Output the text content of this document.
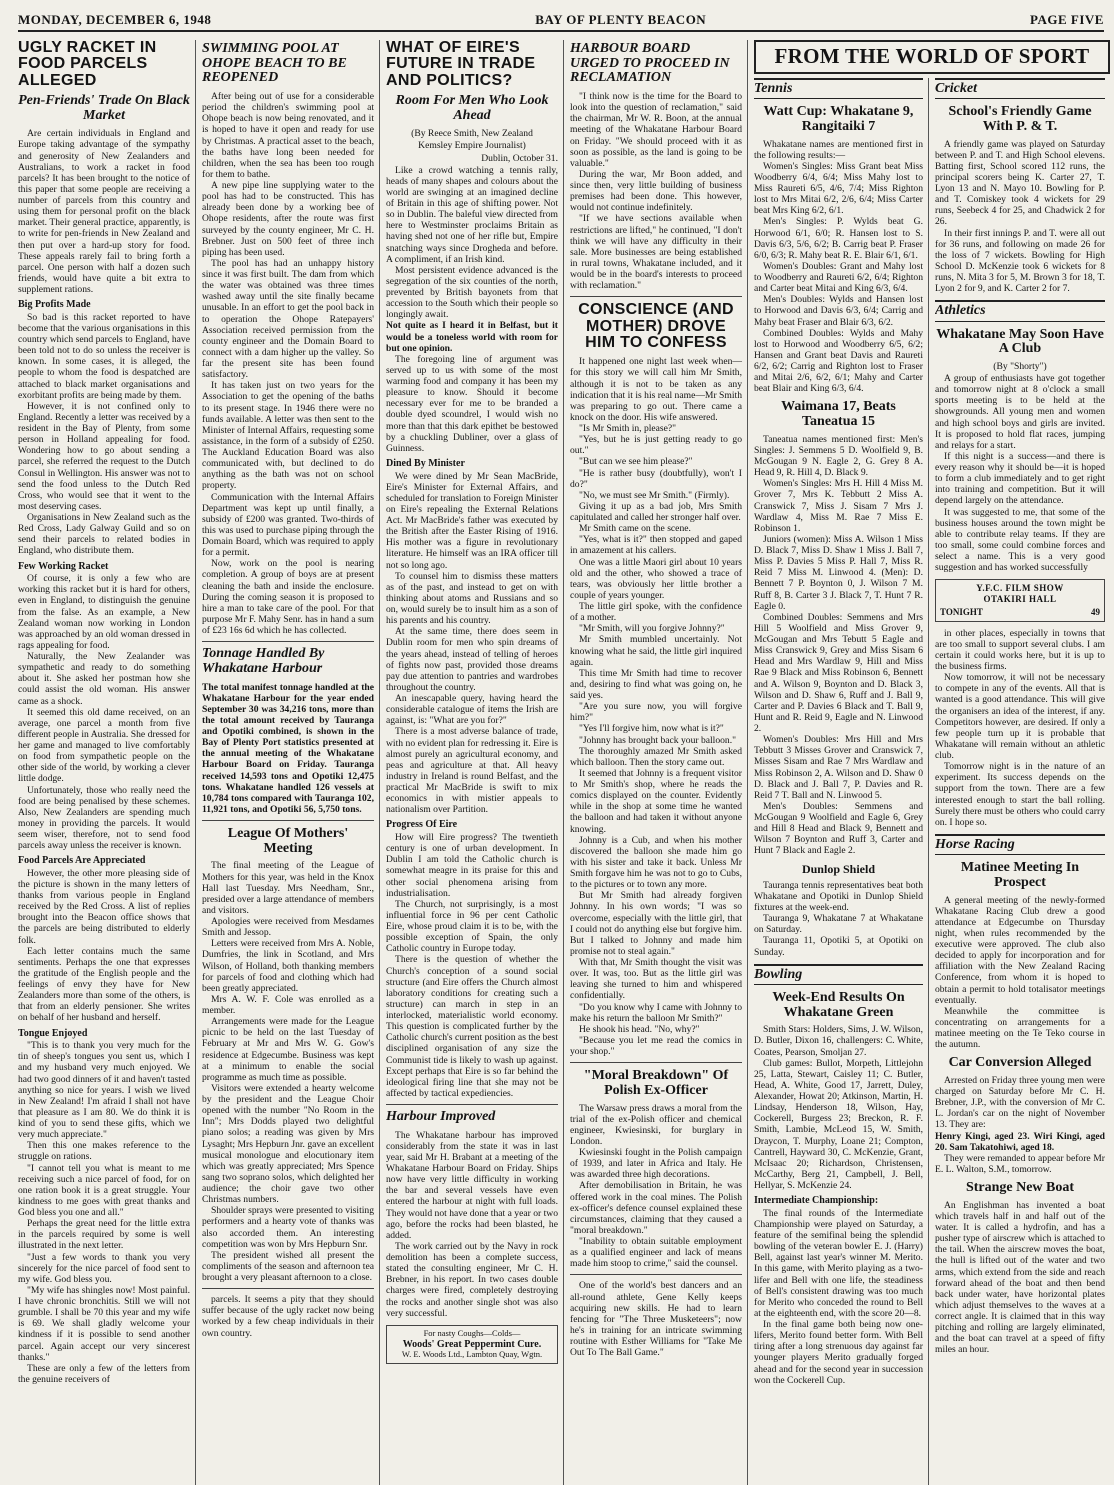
MONDAY, DECEMBER 6, 1948	BAY OF PLENTY BEACON	PAGE FIVE
UGLY RACKET IN FOOD PARCELS ALLEGED
Pen-Friends' Trade On Black Market

Are certain individuals in England and Europe taking advantage of the sympathy and generosity of New Zealanders and Australians, to work a racket in food parcels? It has been brought to the notice of this paper that some people are receiving a number of parcels from this country and using them for personal profit on the black market. Their general practice, apparently, is to write for pen-friends in New Zealand and then put over a hard-up story for food. These appeals rarely fail to bring forth a parcel. One person with half a dozen such friends, would have quite a bit extra to supplement rations.

Big Profits Made

So bad is this racket reported to have become that the various organisations in this country which send parcels to England, have been told not to do so unless the receiver is known. In some cases, it is alleged, the people to whom the food is despatched are attached to black market organisations and exorbitant profits are being made by them.

However, it is not confined only to England. Recently a letter was received by a resident in the Bay of Plenty, from some person in Holland appealing for food. Wondering how to go about sending a parcel, she referred the request to the Dutch Consul in Wellington. His answer was not to send the food unless to the Dutch Red Cross, who would see that it went to the most deserving cases.

Organisations in New Zealand such as the Red Cross, Lady Galway Guild and so on send their parcels to related bodies in England, who distribute them.

Few Working Racket

Of course, it is only a few who are working this racket but it is hard for others, even in England, to distinguish the genuine from the false. As an example, a New Zealand woman now working in London was approached by an old woman dressed in rags appealing for food.

Naturally, the New Zealander was sympathetic and ready to do something about it. She asked her postman how she could assist the old woman. His answer came as a shock.

It seemed this old dame received, on an average, one parcel a month from five different people in Australia. She dressed for her game and managed to live comfortably on food from sympathetic people on the other side of the world, by working a clever little dodge.

Unfortunately, those who really need the food are being penalised by these schemes. Also, New Zealanders are spending much money in providing the parcels. It would seem wiser, therefore, not to send food parcels away unless the receiver is known.

Food Parcels Are Appreciated

However, the other more pleasing side of the picture is shown in the many letters of thanks from various people in England received by the Red Cross. A list of replies brought into the Beacon office shows that the parcels are being distributed to elderly folk.

Each letter contains much the same sentiments. Perhaps the one that expresses the gratitude of the English people and the feelings of envy they have for New Zealanders more than some of the others, is that from an elderly pensioner. She writes on behalf of her husband and herself.

Tongue Enjoyed

"This is to thank you very much for the tin of sheep's tongues you sent us, which I and my husband very much enjoyed. We had two good dinners of it and haven't tasted anything so nice for years. I wish we lived in New Zealand! I'm afraid I shall not have that pleasure as I am 80. We do think it is kind of you to send these gifts, which we very much appreciate."

Then this one makes reference to the struggle on rations.

"I cannot tell you what is meant to me receiving such a nice parcel of food, for on one ration book it is a great struggle. Your kindness to me goes with great thanks and God bless you one and all."

Perhaps the great need for the little extra in the parcels required by some is well illustrated in the next letter.

"Just a few words to thank you very sincerely for the nice parcel of food sent to my wife. God bless you.

"My wife has shingles now! Most painful. I have chronic bronchitis. Still we will not grumble. I shall be 70 this year and my wife is 69. We shall gladly welcome your kindness if it is possible to send another parcel. Again accept our very sincerest thanks."

These are only a few of the letters from the genuine receivers of

SWIMMING POOL AT OHOPE BEACH TO BE REOPENED

After being out of use for a considerable period the children's swimming pool at Ohope beach is now being renovated, and it is hoped to have it open and ready for use by Christmas. A practical asset to the beach, the baths have long been needed for children, when the sea has been too rough for them to bathe.

A new pipe line supplying water to the pool has had to be constructed. This has already been done by a working bee of Ohope residents, after the route was first surveyed by the county engineer, Mr C. H. Brebner. Just on 500 feet of three inch piping has been used.

The pool has had an unhappy history since it was first built. The dam from which the water was obtained was three times washed away until the site finally became unusable. In an effort to get the pool back in to operation the Ohope Ratepayers' Association received permission from the county engineer and the Domain Board to connect with a dam higher up the valley. So far the present site has been found satisfactory.

It has taken just on two years for the Association to get the opening of the baths to its present stage. In 1946 there were no funds available. A letter was then sent to the Minister of Internal Affairs, requesting some assistance, in the form of a subsidy of £250. The Auckland Education Board was also communicated with, but declined to do anything as the bath was not on school property.

Communication with the Internal Affairs Department was kept up until finally, a subsidy of £200 was granted. Two-thirds of this was used to purchase piping through the Domain Board, which was required to apply for a permit.

Now, work on the pool is nearing completion. A group of boys are at present cleaning the bath and inside the enclosure. During the coming season it is proposed to hire a man to take care of the pool. For that purpose Mr F. Mahy Senr. has in hand a sum of £23 16s 6d which he has collected.

Tonnage Handled By Whakatane Harbour

The total manifest tonnage handled at the Whakatane Harbour for the year ended September 30 was 34,216 tons, more than the total amount received by Tauranga and Opotiki combined, is shown in the Bay of Plenty Port statistics presented at the annual meeting of the Whakatane Harbour Board on Friday. Tauranga received 14,593 tons and Opotiki 12,475 tons. Whakatane handled 126 vessels at 10,784 tons compared with Tauranga 102, 11,921 tons, and Opotiki 56, 5,750 tons.

League Of Mothers' Meeting

The final meeting of the League of Mothers for this year, was held in the Knox Hall last Tuesday. Mrs Needham, Snr., presided over a large attendance of members and visitors.

Apologies were received from Mesdames Smith and Jessop.

Letters were received from Mrs A. Noble, Dumfries, the link in Scotland, and Mrs Wilson, of Holland, both thanking members for parcels of food and clothing which had been greatly appreciated.

Mrs A. W. F. Cole was enrolled as a member.

Arrangements were made for the League picnic to be held on the last Tuesday of February at Mr and Mrs W. G. Gow's residence at Edgecumbe. Business was kept at a minimum to enable the social programme as much time as possible.

Visitors were extended a hearty welcome by the president and the League Choir opened with the number "No Room in the Inn"; Mrs Dodds played two delightful piano solos; a reading was given by Mrs Lysaght; Mrs Hepburn Jnr. gave an excellent musical monologue and elocutionary item which was greatly appreciated; Mrs Spence sang two soprano solos, which delighted her audience; the choir gave two other Christmas numbers.

Shoulder sprays were presented to visiting performers and a hearty vote of thanks was also accorded them. An interesting competition was won by Mrs Hepburn Snr.

The president wished all present the compliments of the season and afternoon tea brought a very pleasant afternoon to a close.

parcels. It seems a pity that they should suffer because of the ugly racket now being worked by a few cheap individuals in their own country.

WHAT OF EIRE'S FUTURE IN TRADE AND POLITICS?
Room For Men Who Look Ahead
(By Reece Smith, New Zealand
Kemsley Empire Journalist)
Dublin, October 31.

Like a crowd watching a tennis rally, heads of many shapes and colours about the world are swinging at an imagined decline of Britain in this age of shifting power. Not so in Dublin. The baleful view directed from here to Westminster proclaims Britain as having shed not one of her rifle but, Empire snatching ways since Drogheda and before. A compliment, if an Irish kind.

Most persistent evidence advanced is the segregation of the six counties of the north, prevented by British bayonets from that accession to the South which their people so longingly await.

Not quite as I heard it in Belfast, but it would be a toneless world with room for but one opinion.

The foregoing line of argument was served up to us with some of the most warming food and company it has been my pleasure to know. Should it become necessary ever for me to be branded a double dyed scoundrel, I would wish no more than that this dark epithet be bestowed by a chuckling Dubliner, over a glass of Guinness.

Dined By Minister

We were dined by Mr Sean MacBride, Eire's Minister for External Affairs, and scheduled for translation to Foreign Minister on Eire's repealing the External Relations Act. Mr MacBride's father was executed by the British after the Easter Rising of 1916. His mother was a figure in revolutionary literature. He himself was an IRA officer till not so long ago.

To counsel him to dismiss these matters as of the past, and instead to get on with thinking about atoms and Russians and so on, would surely be to insult him as a son of his parents and his country.

At the same time, there does seem in Dublin room for men who spin dreams of the years ahead, instead of telling of heroes of fights now past, provided those dreams pay due attention to pantries and wardrobes throughout the country.

An inescapable query, having heard the considerable catalogue of items the Irish are against, is: "What are you for?"

There is a most adverse balance of trade, with no evident plan for redressing it. Eire is almost purely an agricultural economy, and peas and agriculture at that. All heavy industry in Ireland is round Belfast, and the practical Mr MacBride is swift to mix economics in with mistier appeals to nationalism over Partition.

Progress Of Eire

How will Eire progress? The twentieth century is one of urban development. In Dublin I am told the Catholic church is somewhat meagre in its praise for this and other social phenomena arising from industrialisation.

The Church, not surprisingly, is a most influential force in 96 per cent Catholic Eire, whose proud claim it is to be, with the possible exception of Spain, the only Catholic country in Europe today.

There is the question of whether the Church's conception of a sound social structure (and Eire offers the Church almost laboratory conditions for creating such a structure) can march in step in an interlocked, materialistic world economy. This question is complicated further by the Catholic church's current position as the best disciplined organisation of any size the Communist tide is likely to wash up against. Except perhaps that Eire is so far behind the ideological firing line that she may not be affected by tactical expediencies.

Harbour Improved

The Whakatane harbour has improved considerably from the state it was in last year, said Mr H. Brabant at a meeting of the Whakatane Harbour Board on Friday. Ships now have very little difficulty in working the bar and several vessels have even entered the harbour at night with full loads. They would not have done that a year or two ago, before the rocks had been blasted, he added.

The work carried out by the Navy in rock demolition has been a complete success, stated the consulting engineer, Mr C. H. Brebner, in his report. In two cases double charges were fired, completely destroying the rocks and another single shot was also very successful.

For nasty Coughs—Colds—
Woods' Great Peppermint Cure.
W. E. Woods Ltd., Lambton Quay, Wgtn.
HARBOUR BOARD URGED TO PROCEED IN RECLAMATION

"I think now is the time for the Board to look into the question of reclamation," said the chairman, Mr W. R. Boon, at the annual meeting of the Whakatane Harbour Board on Friday. "We should proceed with it as soon as possible, as the land is going to be valuable."

During the war, Mr Boon added, and since then, very little building of business premises had been done. This however, would not continue indefinitely.

"If we have sections available when restrictions are lifted," he continued, "I don't think we will have any difficulty in their sale. More businesses are being established in rural towns, Whakatane included, and it would be in the board's interests to proceed with reclamation."

CONSCIENCE (AND MOTHER) DROVE HIM TO CONFESS

It happened one night last week when—for this story we will call him Mr Smith, although it is not to be taken as any indication that it is his real name—Mr Smith was preparing to go out. There came a knock on the door. His wife answered.

"Is Mr Smith in, please?"

"Yes, but he is just getting ready to go out."

"But can we see him please?"

"He is rather busy (doubtfully), won't I do?"

"No, we must see Mr Smith." (Firmly).

Giving it up as a bad job, Mrs Smith capitulated and called her stronger half over.

Mr Smith came on the scene.

"Yes, what is it?" then stopped and gaped in amazement at his callers.

One was a little Maori girl about 10 years old and the other, who showed a trace of tears, was obviously her little brother a couple of years younger.

The little girl spoke, with the confidence of a mother.

"Mr Smith, will you forgive Johnny?"

Mr Smith mumbled uncertainly. Not knowing what he said, the little girl inquired again.

This time Mr Smith had time to recover and, desiring to find what was going on, he said yes.

"Are you sure now, you will forgive him?"

"Yes I'll forgive him, now what is it?"

"Johnny has brought back your balloon."

The thoroughly amazed Mr Smith asked which balloon. Then the story came out.

It seemed that Johnny is a frequent visitor to Mr Smith's shop, where he reads the comics displayed on the counter. Evidently while in the shop at some time he wanted the balloon and had taken it without anyone knowing.

Johnny is a Cub, and when his mother discovered the balloon she made him go with his sister and take it back. Unless Mr Smith forgave him he was not to go to Cubs, to the pictures or to town any more.

But Mr Smith had already forgiven Johnny. In his own words; "I was so overcome, especially with the little girl, that I could not do anything else but forgive him. But I talked to Johnny and made him promise not to steal again."

With that, Mr Smith thought the visit was over. It was, too. But as the little girl was leaving she turned to him and whispered confidentially.

"Do you know why I came with Johnny to make his return the balloon Mr Smith?"

He shook his head. "No, why?"

"Because you let me read the comics in your shop."

"Moral Breakdown" Of Polish Ex-Officer

The Warsaw press draws a moral from the trial of the ex-Polish officer and chemical engineer, Kwiesinski, for burglary in London.

Kwiesinski fought in the Polish campaign of 1939, and later in Africa and Italy. He was awarded three high decorations.

After demobilisation in Britain, he was offered work in the coal mines. The Polish ex-officer's defence counsel explained these circumstances, claiming that they caused a "moral breakdown."

"Inability to obtain suitable employment as a qualified engineer and lack of means made him stoop to crime," said the counsel.

One of the world's best dancers and an all-round athlete, Gene Kelly keeps acquiring new skills. He had to learn fencing for "The Three Musketeers"; now he's in training for an intricate swimming routine with Esther Williams for "Take Me Out To The Ball Game."

FROM THE WORLD OF SPORT
Tennis
Watt Cup: Whakatane 9, Rangitaiki 7

Whakatane names are mentioned first in the following results:—

Women's Singles: Miss Grant beat Miss Woodberry 6/4, 6/4; Miss Mahy lost to Miss Raureti 6/5, 4/6, 7/4; Miss Righton lost to Mrs Mitai 6/2, 2/6, 6/4; Miss Carter beat Mrs King 6/2, 6/1.

Men's Singles: P. Wylds beat G. Horwood 6/1, 6/0; R. Hansen lost to S. Davis 6/3, 5/6, 6/2; B. Carrig beat P. Fraser 6/0, 6/3; R. Mahy beat R. E. Blair 6/1, 6/1.

Women's Doubles: Grant and Mahy lost to Woodberry and Raureti 6/2, 6/4; Righton and Carter beat Mitai and King 6/3, 6/4.

Men's Doubles: Wylds and Hansen lost to Horwood and Davis 6/3, 6/4; Carrig and Mahy beat Fraser and Blair 6/3, 6/2.

Combined Doubles: Wylds and Mahy lost to Horwood and Woodberry 6/5, 6/2; Hansen and Grant beat Davis and Raureti 6/2, 6/2; Carrig and Righton lost to Fraser and Mitai 2/6, 6/2, 6/1; Mahy and Carter beat Blair and King 6/3, 6/4.

Waimana 17, Beats Taneatua 15

Taneatua names mentioned first: Men's Singles: J. Semmens 5 D. Woolfield 9, B. McGougan 9 N. Eagle 2, G. Grey 8 A. Head 9, R. Hill 4, D. Black 9.

Women's Singles: Mrs H. Hill 4 Miss M. Grover 7, Mrs K. Tebbutt 2 Miss A. Cranswick 7, Miss J. Sisam 7 Mrs J. Wardlaw 4, Miss M. Rae 7 Miss E. Robinson 1.

Juniors (women): Miss A. Wilson 1 Miss D. Black 7, Miss D. Shaw 1 Miss J. Ball 7, Miss P. Davies 5 Miss P. Hall 7, Miss R. Reid 7 Miss M. Linwood 4. (Men): D. Bennett 7 P. Boynton 0, J. Wilson 7 M. Ruff 8, B. Carter 3 J. Black 7, T. Hunt 7 R. Eagle 0.

Combined Doubles: Semmens and Mrs Hill 5 Woolfield and Miss Grover 9, McGougan and Mrs Tebutt 5 Eagle and Miss Cranswick 9, Grey and Miss Sisam 6 Head and Mrs Wardlaw 9, Hill and Miss Rae 9 Black and Miss Robinson 6, Bennett and A. Wilson 9, Boynton and D. Black 3, Wilson and D. Shaw 6, Ruff and J. Ball 9, Carter and P. Davies 6 Black and T. Ball 9, Hunt and R. Reid 9, Eagle and N. Linwood 2.

Women's Doubles: Mrs Hill and Mrs Tebbutt 3 Misses Grover and Cranswick 7, Misses Sisam and Rae 7 Mrs Wardlaw and Miss Robinson 2, A. Wilson and D. Shaw 0 D. Black and J. Ball 7, P. Davies and R. Reid 7 T. Ball and N. Linwood 5.

Men's Doubles: Semmens and McGougan 9 Woolfield and Eagle 6, Grey and Hill 8 Head and Black 9, Bennett and Wilson 7 Boynton and Ruff 3, Carter and Hunt 7 Black and Eagle 2.

Dunlop Shield

Tauranga tennis representatives beat both Whakatane and Opotiki in Dunlop Shield fixtures at the week-end.

Tauranga 9, Whakatane 7 at Whakatane on Saturday.

Tauranga 11, Opotiki 5, at Opotiki on Sunday.

Bowling
Week-End Results On Whakatane Green

Smith Stars: Holders, Sims, J. W. Wilson, D. Butler, Dixon 16, challengers: C. White, Coates, Pearson, Smoljan 27.

Club games: Bullot, Morpeth, Littlejohn 25, Latta, Stewart, Caisley 11; C. Butler, Head, A. White, Good 17, Jarrett, Duley, Alexander, Howat 20; Atkinson, Martin, H. Lindsay, Henderson 18, Wilson, Hay, Cockerell, Burgess 23; Breckon, R. F. Smith, Lambie, McLeod 15, W. Smith, Draycon, T. Murphy, Loane 21; Compton, Cantrell, Hayward 30, C. McKenzie, Grant, McIsaac 20; Richardson, Christensen, McCarthy, Berg 21, Campbell, J. Bell, Hellyar, S. McKenzie 24.

Intermediate Championship:

The final rounds of the Intermediate Championship were played on Saturday, a feature of the semifinal being the splendid bowling of the veteran bowler E. J. (Harry) Bell, against last year's winner M. Merito. In this game, with Merito playing as a two-lifer and Bell with one life, the steadiness of Bell's consistent drawing was too much for Merito who conceded the round to Bell at the eighteenth end, with the score 20—8.

In the final game both being now one-lifers, Merito found better form. With Bell tiring after a long strenuous day against far younger players Merito gradually forged ahead and for the second year in succession won the Cockerell Cup.

Cricket
School's Friendly Game With P. & T.

A friendly game was played on Saturday between P. and T. and High School elevens. Batting first, School scored 112 runs, the principal scorers being K. Carter 27, T. Lyon 13 and N. Mayo 10. Bowling for P. and T. Comiskey took 4 wickets for 29 runs, Seebeck 4 for 25, and Chadwick 2 for 26.

In their first innings P. and T. were all out for 36 runs, and following on made 26 for the loss of 7 wickets. Bowling for High School D. McKenzie took 6 wickets for 8 runs, N. Mita 3 for 5, M. Brown 3 for 18, T. Lyon 2 for 9, and K. Carter 2 for 7.

Athletics
Whakatane May Soon Have A Club
(By "Shorty")

A group of enthusiasts have got together and tomorrow night at 8 o'clock a small sports meeting is to be held at the showgrounds. All young men and women and high school boys and girls are invited. It is proposed to hold flat races, jumping and relays for a start.

If this night is a success—and there is every reason why it should be—it is hoped to form a club immediately and to get right into training and competition. But it will depend largely on the attendance.

It was suggested to me, that some of the business houses around the town might be able to contribute relay teams. If they are too small, some could combine forces and select a name. This is a very good suggestion and has worked successfully

Y.F.C. FILM SHOW
OTAKIRI HALL
TONIGHT	49

in other places, especially in towns that are too small to support several clubs. I am certain it could works here, but it is up to the business firms.

Now tomorrow, it will not be necessary to compete in any of the events. All that is wanted is a good attendance. This will give the organisers an idea of the interest, if any. Competitors however, are desired. If only a few people turn up it is probable that Whakatane will remain without an athletic club.

Tomorrow night is in the nature of an experiment. Its success depends on the support from the town. There are a few interested enough to start the ball rolling. Surely there must be others who could carry on. I hope so.

Horse Racing
Matinee Meeting In Prospect

A general meeting of the newly-formed Whakatane Racing Club drew a good attendance at Edgecumbe on Thursday night, when rules recommended by the executive were approved. The club also decided to apply for incorporation and for affiliation with the New Zealand Racing Conference, from whom it is hoped to obtain a permit to hold totalisator meetings eventually.

Meanwhile the committee is concentrating on arrangements for a matinee meeting on the Te Teko course in the autumn.

Car Conversion Alleged

Arrested on Friday three young men were charged on Saturday before Mr C. H. Brebner, J.P., with the conversion of Mr C. L. Jordan's car on the night of November 13. They are:

Henry Kingi, aged 23. Wiri Kingi, aged 20. Sam Takatohiwi, aged 18.

They were remanded to appear before Mr E. L. Walton, S.M., tomorrow.

Strange New Boat

An Englishman has invented a boat which travels half in and half out of the water. It is called a hydrofin, and has a pusher type of airscrew which is attached to the tail. When the airscrew moves the boat, the hull is lifted out of the water and two arms, which extend from the side and reach forward ahead of the boat and then bend back under water, have horizontal plates which adjust themselves to the waves at a correct angle. It is claimed that in this way pitching and rolling are largely eliminated, and the boat can travel at a speed of fifty miles an hour.
